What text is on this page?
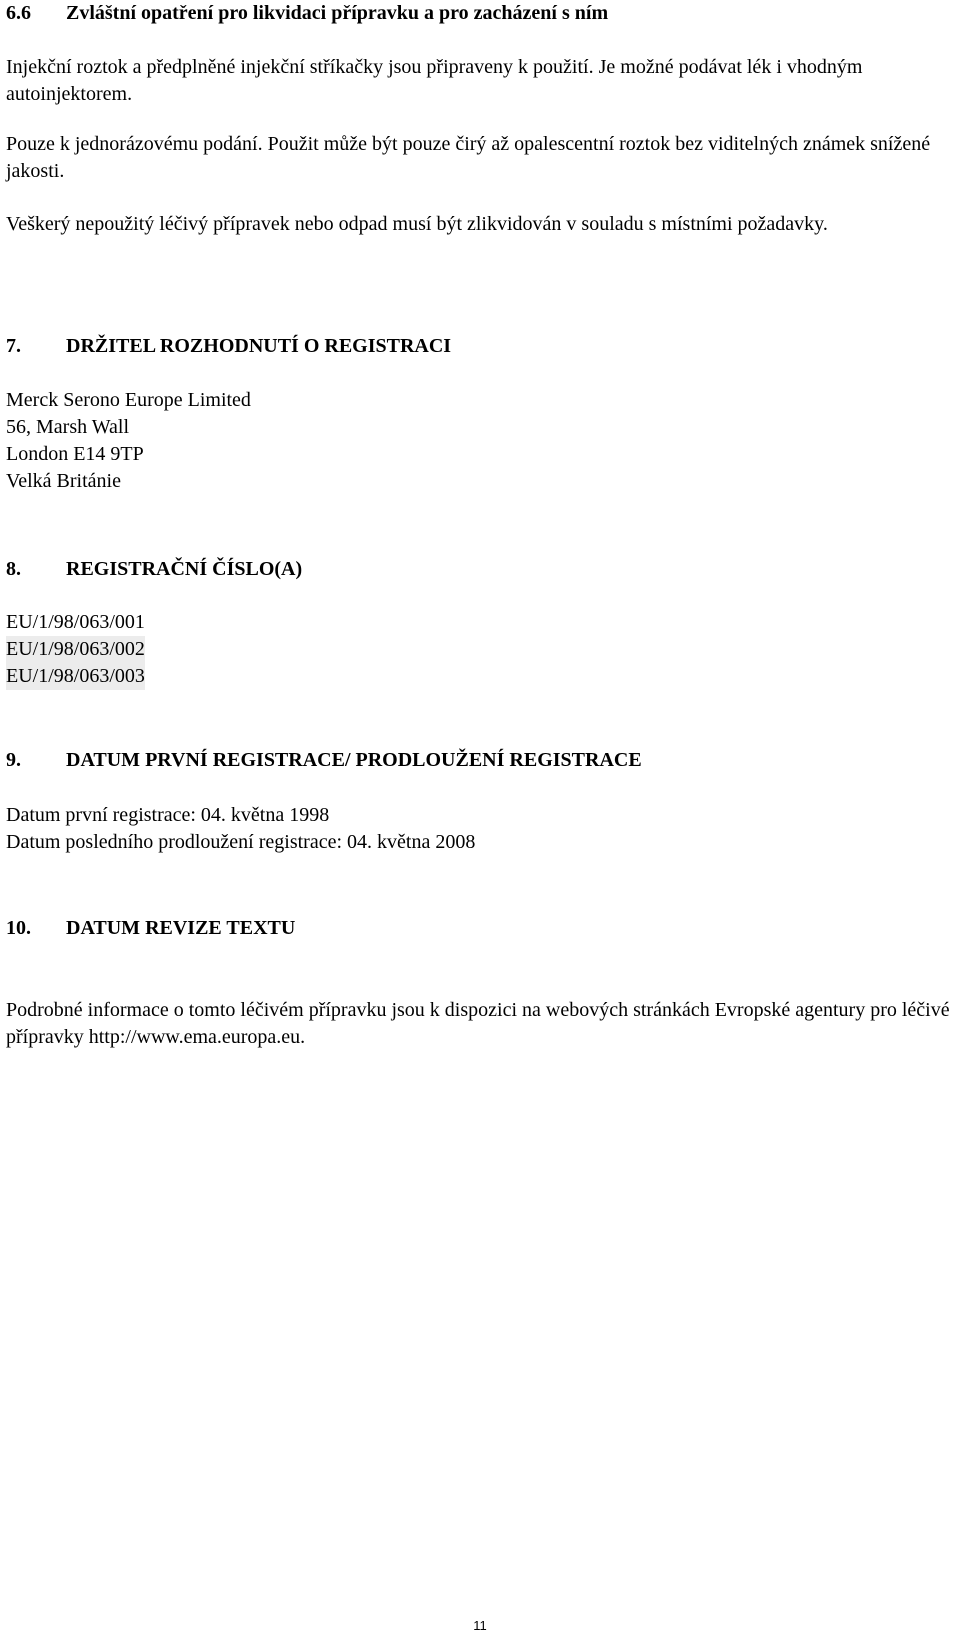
6.6 Zvláštní opatření pro likvidaci přípravku a pro zacházení s ním

Injekční roztok a předplněné injekční stříkačky jsou připraveny k použití. Je možné podávat lék i vhodným autoinjektorem.

Pouze k jednorázovému podání. Použit může být pouze čirý až opalescentní roztok bez viditelných známek snížené jakosti.

Veškerý nepoužitý léčivý přípravek nebo odpad musí být zlikvidován v souladu s místními požadavky.

7. DRŽITEL ROZHODNUTÍ O REGISTRACI
Merck Serono Europe Limited
56, Marsh Wall
London E14 9TP
Velká Británie
8. REGISTRAČNÍ ČÍSLO(A)
EU/1/98/063/001
EU/1/98/063/002
EU/1/98/063/003
9. DATUM PRVNÍ REGISTRACE/ PRODLOUŽENÍ REGISTRACE
Datum první registrace: 04. května 1998
Datum posledního prodloužení registrace: 04. května 2008
10. DATUM REVIZE TEXTU

Podrobné informace o tomto léčivém přípravku jsou k dispozici na webových stránkách Evropské agentury pro léčivé přípravky http://www.ema.europa.eu.

11
